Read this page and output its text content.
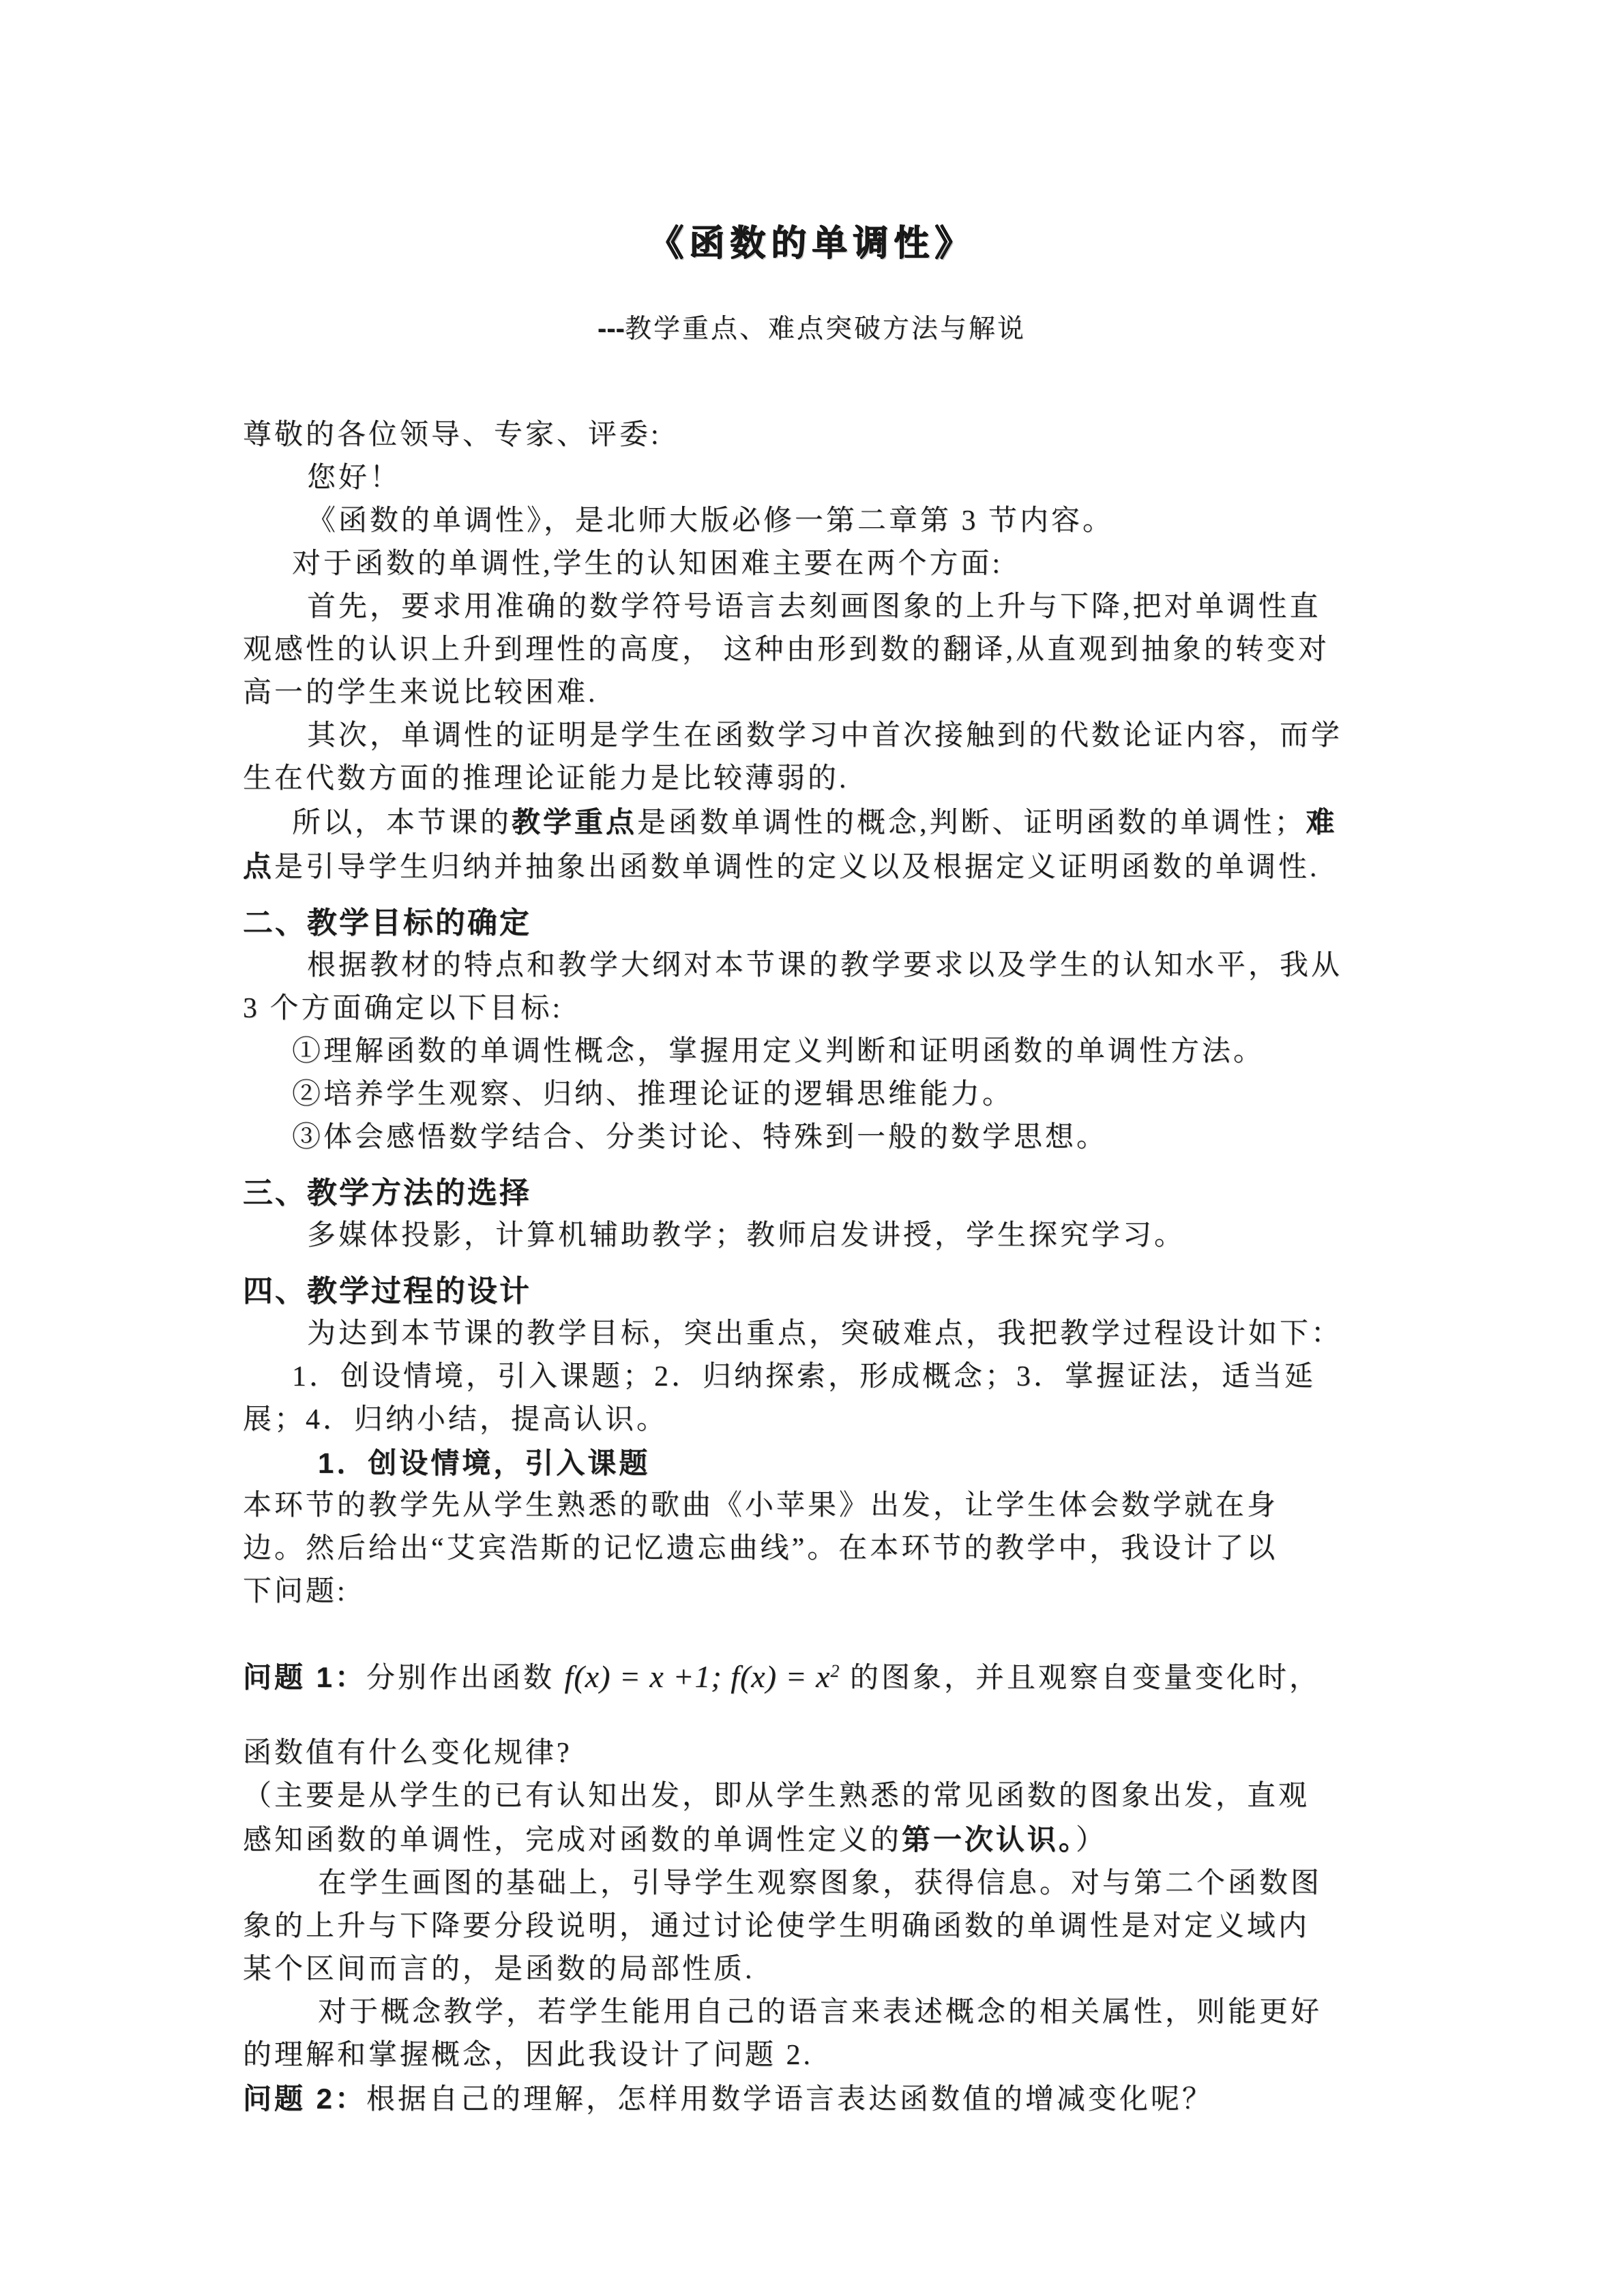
《函数的单调性》
---教学重点、难点突破方法与解说
尊敬的各位领导、专家、评委:
您好！
《函数的单调性》，是北师大版必修一第二章第 3 节内容。
对于函数的单调性,学生的认知困难主要在两个方面:
首先，要求用准确的数学符号语言去刻画图象的上升与下降,把对单调性直
观感性的认识上升到理性的高度， 这种由形到数的翻译,从直观到抽象的转变对
高一的学生来说比较困难.
其次，单调性的证明是学生在函数学习中首次接触到的代数论证内容，而学
生在代数方面的推理论证能力是比较薄弱的.
所以，本节课的教学重点是函数单调性的概念,判断、证明函数的单调性；难
点是引导学生归纳并抽象出函数单调性的定义以及根据定义证明函数的单调性.
二、教学目标的确定
根据教材的特点和教学大纲对本节课的教学要求以及学生的认知水平，我从
3 个方面确定以下目标:
①理解函数的单调性概念，掌握用定义判断和证明函数的单调性方法。
②培养学生观察、归纳、推理论证的逻辑思维能力。
③体会感悟数学结合、分类讨论、特殊到一般的数学思想。
三、教学方法的选择
多媒体投影，计算机辅助教学；教师启发讲授，学生探究学习。
四、教学过程的设计
为达到本节课的教学目标，突出重点，突破难点，我把教学过程设计如下：
1．创设情境，引入课题；2．归纳探索，形成概念；3．掌握证法，适当延
展；4．归纳小结，提高认识。
1．创设情境，引入课题
本环节的教学先从学生熟悉的歌曲《小苹果》出发，让学生体会数学就在身
边。然后给出“艾宾浩斯的记忆遗忘曲线”。在本环节的教学中，我设计了以
下问题:
问题 1：分别作出函数 f(x) = x +1; $f(x) = x^2$ 的图象，并且观察自变量变化时，
函数值有什么变化规律?
（主要是从学生的已有认知出发，即从学生熟悉的常见函数的图象出发，直观
感知函数的单调性，完成对函数的单调性定义的第一次认识。）
在学生画图的基础上，引导学生观察图象，获得信息。对与第二个函数图
象的上升与下降要分段说明，通过讨论使学生明确函数的单调性是对定义域内
某个区间而言的，是函数的局部性质.
对于概念教学，若学生能用自己的语言来表述概念的相关属性，则能更好
的理解和掌握概念，因此我设计了问题 2.
问题 2：根据自己的理解，怎样用数学语言表达函数值的增减变化呢？
